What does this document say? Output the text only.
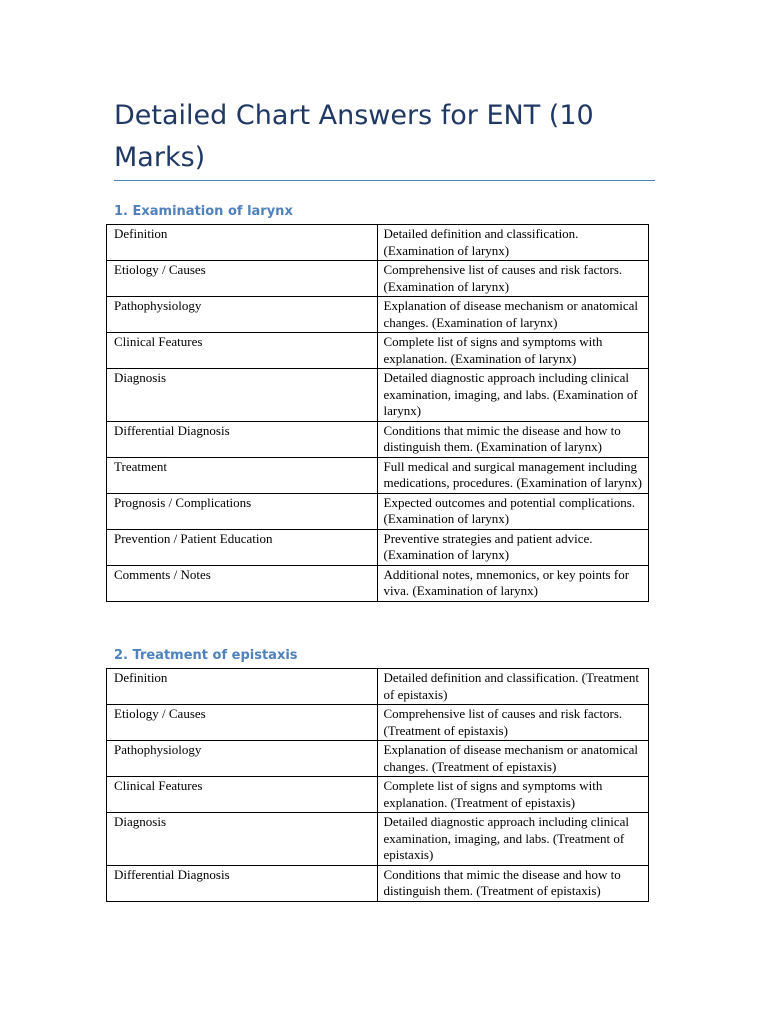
Detailed Chart Answers for ENT (10 Marks)
1. Examination of larynx
Definition	Detailed definition and classification. (Examination of larynx)
Etiology / Causes	Comprehensive list of causes and risk factors. (Examination of larynx)
Pathophysiology	Explanation of disease mechanism or anatomical changes. (Examination of larynx)
Clinical Features	Complete list of signs and symptoms with explanation. (Examination of larynx)
Diagnosis	Detailed diagnostic approach including clinical examination, imaging, and labs. (Examination of larynx)
Differential Diagnosis	Conditions that mimic the disease and how to distinguish them. (Examination of larynx)
Treatment	Full medical and surgical management including medications, procedures. (Examination of larynx)
Prognosis / Complications	Expected outcomes and potential complications. (Examination of larynx)
Prevention / Patient Education	Preventive strategies and patient advice. (Examination of larynx)
Comments / Notes	Additional notes, mnemonics, or key points for viva. (Examination of larynx)
2. Treatment of epistaxis
Definition	Detailed definition and classification. (Treatment of epistaxis)
Etiology / Causes	Comprehensive list of causes and risk factors. (Treatment of epistaxis)
Pathophysiology	Explanation of disease mechanism or anatomical changes. (Treatment of epistaxis)
Clinical Features	Complete list of signs and symptoms with explanation. (Treatment of epistaxis)
Diagnosis	Detailed diagnostic approach including clinical examination, imaging, and labs. (Treatment of epistaxis)
Differential Diagnosis	Conditions that mimic the disease and how to distinguish them. (Treatment of epistaxis)
